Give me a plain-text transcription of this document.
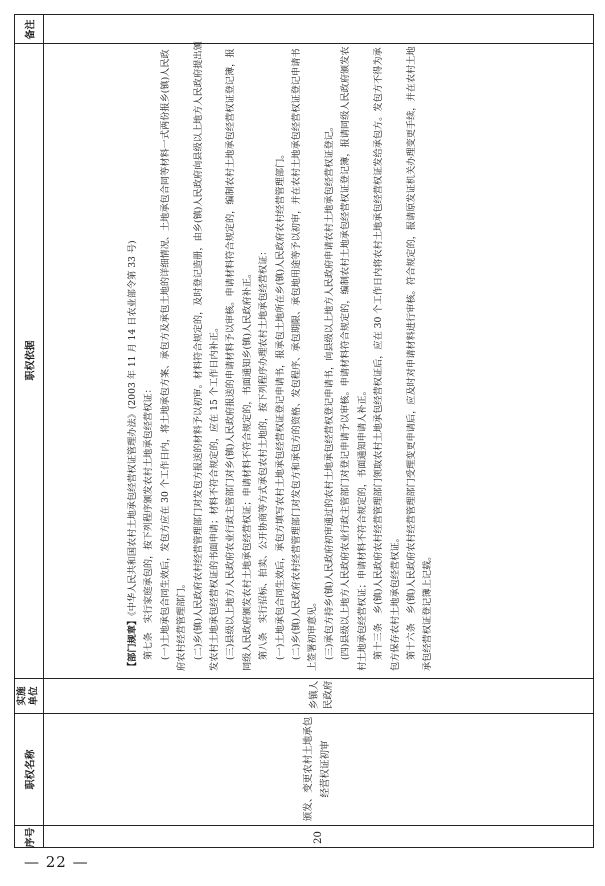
备注
职权依据
实施
单位
职权名称
序号	20
颁发、变更农村土地承包经营权证初审
乡镇人民政府

【部门规章】《中华人民共和国农村土地承包经营权证管理办法》(2003 年 11 月 14 日农业部令第 33 号) 第七条　实行家庭承包的，按下列程序颁发农村土地承包经营权证： (一)土地承包合同生效后，发包方应在 30 个工作日内，将土地承包方案、承包方及承包土地的详细情况、土地承包合同等材料一式两份报乡(镇)人民政府农村经营管理部门。 (二)乡(镇)人民政府农村经营管理部门对发包方报送的材料予以初审。材料符合规定的，及时登记造册，由乡(镇)人民政府向县级以上地方人民政府提出颁发农村土地承包经营权证的书面申请；材料不符合规定的，应在 15 个工作日内补正。 (三)县级以上地方人民政府农业行政主管部门对乡(镇)人民政府报送的申请材料予以审核。申请材料符合规定的，编制农村土地承包经营权证登记簿，报同级人民政府颁发农村土地承包经营权证；申请材料不符合规定的，书面通知乡(镇)人民政府补正。 第八条　实行招标、拍卖、公开协商等方式承包农村土地的，按下列程序办理农村土地承包经营权证： (一)土地承包合同生效后，承包方填写农村土地承包经营权证登记申请书，报承包土地所在乡(镇)人民政府农村经营管理部门。 (二)乡(镇)人民政府农村经营管理部门对发包方和承包方的资格、发包程序、承包期限、承包地用途等予以初审，并在农村土地承包经营权证登记申请书上签署初审意见。 (三)承包方持乡(镇)人民政府初审通过的农村土地承包经营权登记申请书，向县级以上地方人民政府申请农村土地承包经营权证登记。 (四)县级以上地方人民政府农业行政主管部门对登记申请予以审核。申请材料符合规定的，编制农村土地承包经营权证登记簿，报请同级人民政府颁发农村土地承包经营权证；申请材料不符合规定的，书面通知申请人补正。 第十三条　乡(镇)人民政府农村经营管理部门领取农村土地承包经营权证后，应在 30 个工作日内将农村土地承包经营权证发给承包方。发包方不得为承包方保存农村土地承包经营权证。 第十六条　乡(镇)人民政府农村经营管理部门受理变更申请后，应及时对申请材料进行审核。符合规定的，报请原发证机关办理变更手续，并在农村土地承包经营权证登记簿上记载。

— 22 —
